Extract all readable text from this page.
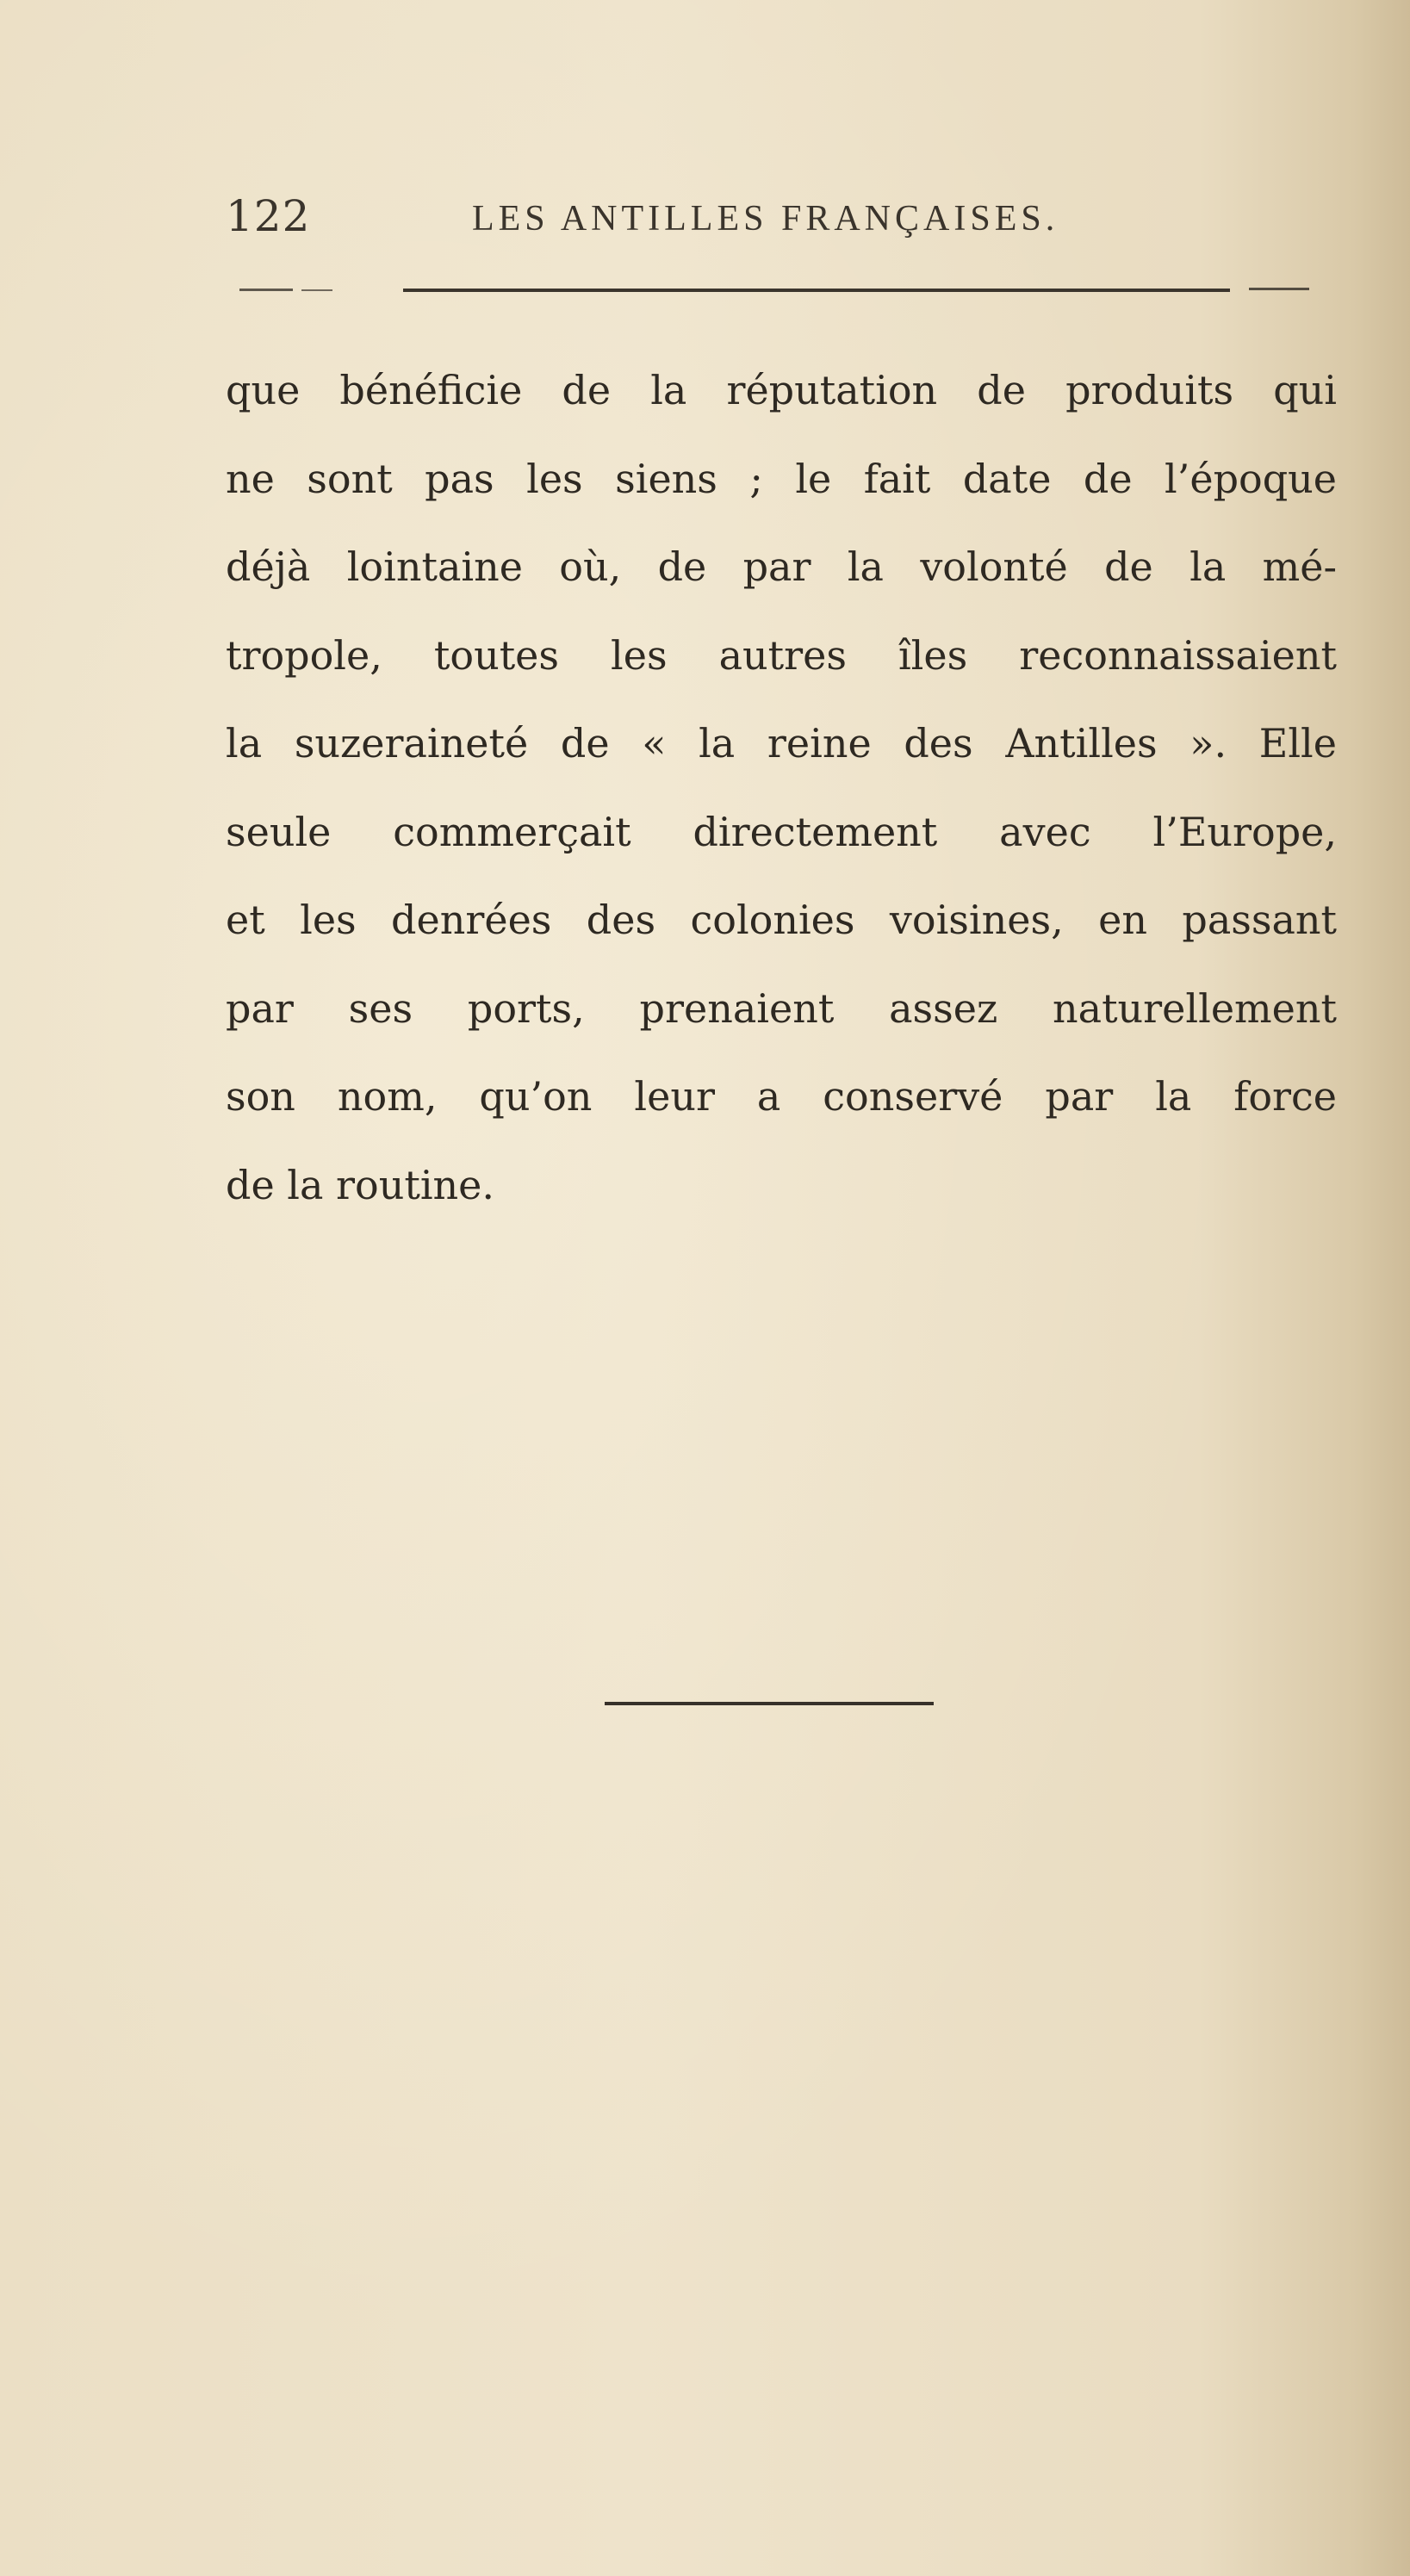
122	LES ANTILLES FRANÇAISES.
que bénéficie de la réputation de produits qui
ne sont pas les siens ; le fait date de l’époque
déjà lointaine où, de par la volonté de la mé-
tropole, toutes les autres îles reconnaissaient
la suzeraineté de « la reine des Antilles ». Elle
seule commerçait directement avec l’Europe,
et les denrées des colonies voisines, en passant
par ses ports, prenaient assez naturellement
son nom, qu’on leur a conservé par la force
de la routine.
